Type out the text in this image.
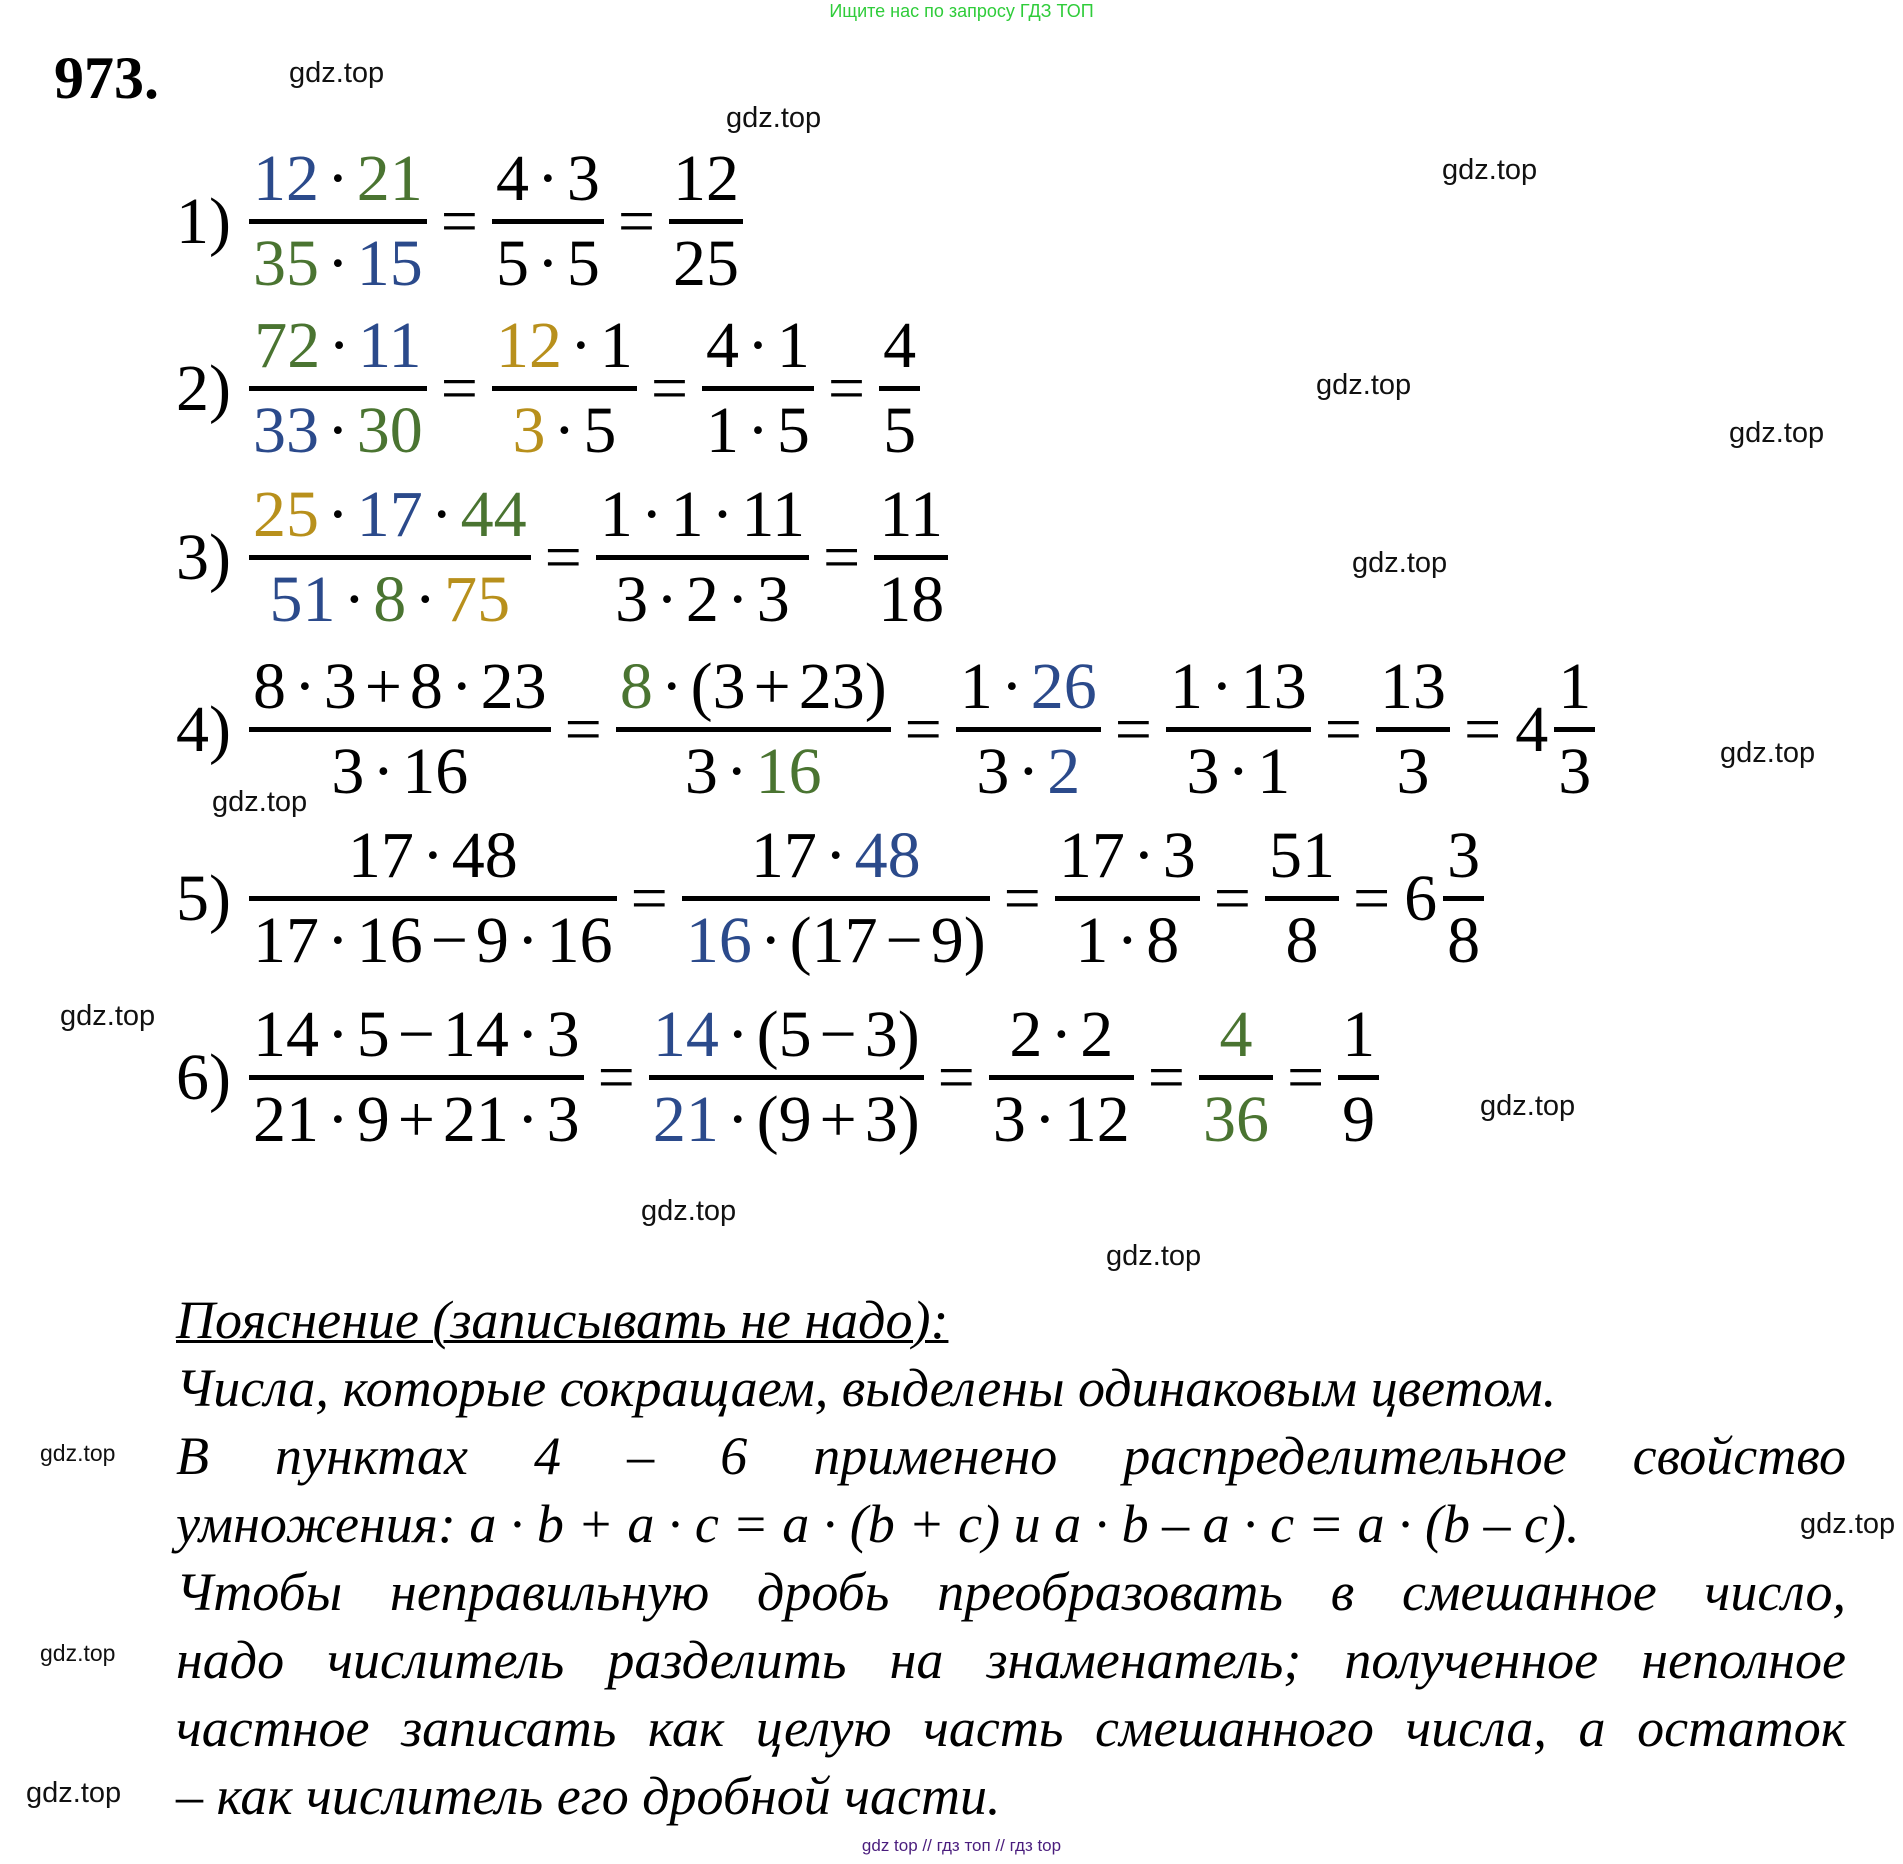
Ищите нас по запросу ГДЗ ТОП
973.
1)
12 · 21
35 · 15
=
4 · 3
5 · 5
=
12
25
2)
72 · 11
33 · 30
=
12 · 1
3 · 5
=
4 · 1
1 · 5
=
4
5
3)
25 · 17 · 44
51 · 8 · 75
=
1 · 1 · 11
3 · 2 · 3
=
11
18
4)
8 · 3 + 8 · 23
3 · 16
=
8 · (3 + 23)
3 · 16
=
1 · 26
3 · 2
=
1 · 13
3 · 1
=
13
3
= 4
1
3
5)
17 · 48
17 · 16 − 9 · 16
=
17 · 48
16 · (17 − 9)
=
17 · 3
1 · 8
=
51
8
= 6
3
8
6)
14 · 5 − 14 · 3
21 · 9 + 21 · 3
=
14 · (5 − 3)
21 · (9 + 3)
=
2 · 2
3 · 12
=
4
36
=
1
9
Пояснение (записывать не надо):
Числа, которые сокращаем, выделены одинаковым цветом.
В пунктах 4 – 6 применено распределительное свойство
умножения: a · b + a · c = a · (b + c) и a · b – a · c = a · (b – c).
Чтобы неправильную дробь преобразовать в смешанное число,
надо числитель разделить на знаменатель; полученное неполное
частное записать как целую часть смешанного числа, а остаток
– как числитель его дробной части.
gdz.top
gdz.top
gdz.top
gdz.top
gdz.top
gdz.top
gdz.top
gdz.top
gdz.top
gdz.top
gdz.top
gdz.top
gdz.top
gdz.top
gdz.top
gdz.top
gdz top // гдз топ // гдз top
